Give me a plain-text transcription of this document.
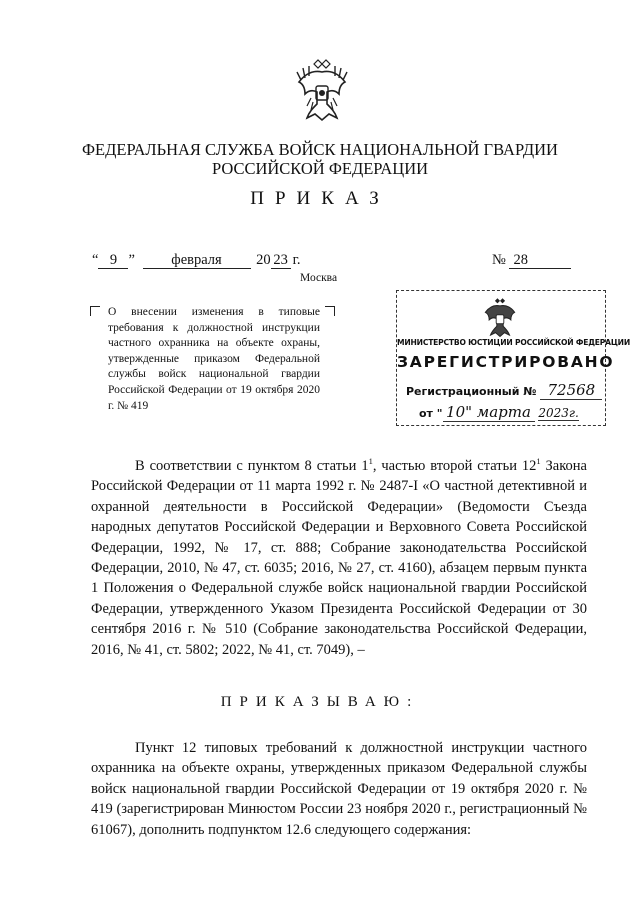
ФЕДЕРАЛЬНАЯ СЛУЖБА ВОЙСК НАЦИОНАЛЬНОЙ ГВАРДИИ
РОССИЙСКОЙ ФЕДЕРАЦИИ
ПРИКАЗ
“ 9 ”	февраля 20 23 г.	№ 28
Москва

О внесении изменения в типовые требования к должностной инструкции частного охранника на объекте охраны, утвержденные приказом Федеральной службы войск национальной гвардии Российской Федерации от 19 октября 2020 г. № 419

МИНИСТЕРСТВО ЮСТИЦИИ РОССИЙСКОЙ ФЕДЕРАЦИИ
ЗАРЕГИСТРИРОВАНО
Регистрационный № 72568
от " 10" марта 2023г.

В соответствии с пунктом 8 статьи $1^1$, частью второй статьи $12^1$ Закона Российской Федерации от 11 марта 1992 г. № 2487-I «О частной детективной и охранной деятельности в Российской Федерации» (Ведомости Съезда народных депутатов Российской Федерации и Верховного Совета Российской Федерации, 1992, № 17, ст. 888; Собрание законодательства Российской Федерации, 2010, № 47, ст. 6035; 2016, № 27, ст. 4160), абзацем первым пункта 1 Положения о Федеральной службе войск национальной гвардии Российской Федерации, утвержденного Указом Президента Российской Федерации от 30 сентября 2016 г. № 510 (Собрание законодательства Российской Федерации, 2016, № 41, ст. 5802; 2022, № 41, ст. 7049), –

ПРИКАЗЫВАЮ:

Пункт 12 типовых требований к должностной инструкции частного охранника на объекте охраны, утвержденных приказом Федеральной службы войск национальной гвардии Российской Федерации от 19 октября 2020 г. № 419 (зарегистрирован Минюстом России 23 ноября 2020 г., регистрационный № 61067), дополнить подпунктом 12.6 следующего содержания:
